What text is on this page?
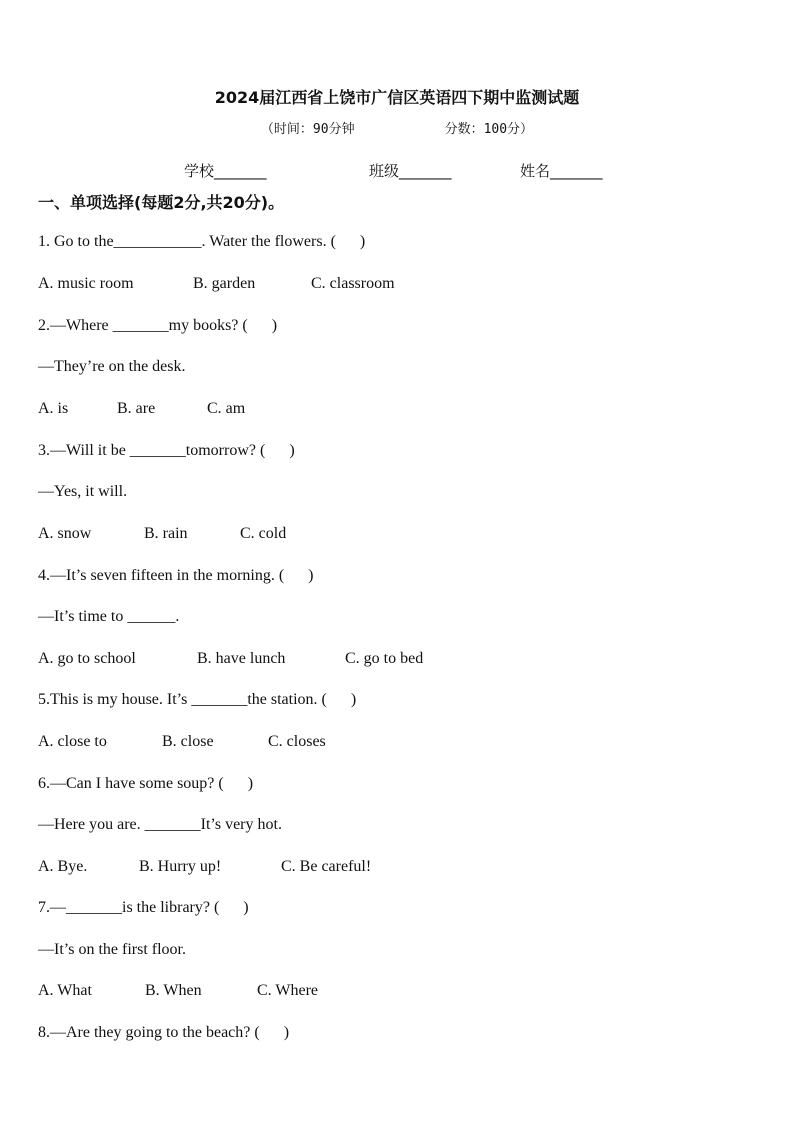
2024届江西省上饶市广信区英语四下期中监测试题
（时间：90分钟	分数：100分）
学校_______	班级_______	姓名_______
一、单项选择(每题2分,共20分)。
1. Go to the___________. Water the flowers. (      )
A. music room	B. garden	C. classroom
2.—Where _______my books? (      )
—They’re on the desk.
A. is	B. are	C. am
3.—Will it be _______tomorrow? (      )
—Yes, it will.
A. snow	B. rain	C. cold
4.—It’s seven fifteen in the morning. (      )
—It’s time to ______.
A. go to school	B. have lunch	C. go to bed
5.This is my house. It’s _______the station. (      )
A. close to	B. close	C. closes
6.—Can I have some soup? (      )
—Here you are. _______It’s very hot.
A. Bye.	B. Hurry up!	C. Be careful!
7.—_______is the library? (      )
—It’s on the first floor.
A. What	B. When	C. Where
8.—Are they going to the beach? (      )
